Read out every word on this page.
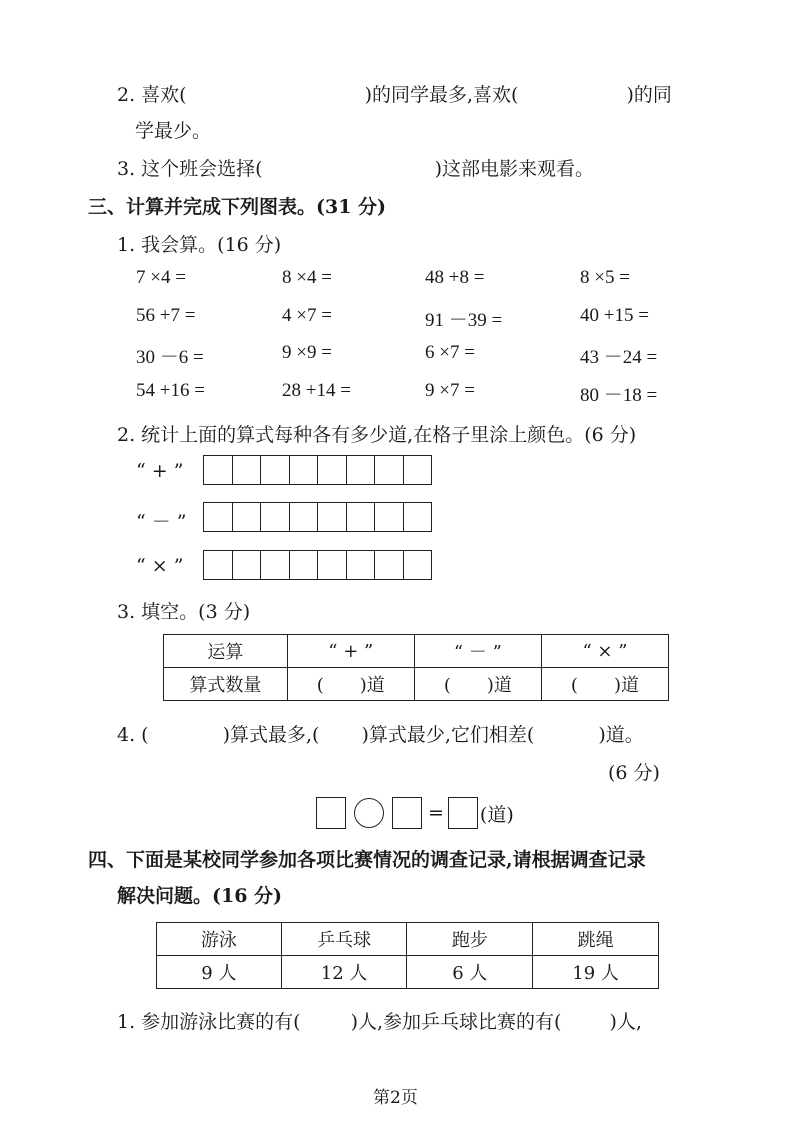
2. 喜欢(	)的同学最多,喜欢(	)的同
学最少。
3. 这个班会选择(	)这部电影来观看。
三、计算并完成下列图表。(31 分)
1. 我会算。(16 分)
7 ×4 =	8 ×4 =	48 +8 =	8 ×5 =
56 +7 =	4 ×7 =	91 －39 =	40 +15 =
30 －6 =	9 ×9 =	6 ×7 =	43 －24 =
54 +16 =	28 +14 =	9 ×7 =	80 －18 =
2. 统计上面的算式每种各有多少道,在格子里涂上颜色。(6 分)
“ + ”
“ － ”
“ × ”
3. 填空。(3 分)
运算	“ + ”	“ － ”	“ × ”
算式数量	(　　)道	(　　)道	(　　)道
4. (	)算式最多,( )算式最少,它们相差(	)道。
(6 分)
= (道)
四、下面是某校同学参加各项比赛情况的调查记录,请根据调查记录
解决问题。(16 分)
游泳	乒乓球	跑步	跳绳
9 人	12 人	6 人	19 人
1. 参加游泳比赛的有(	)人,参加乒乓球比赛的有(	)人,
第2页
